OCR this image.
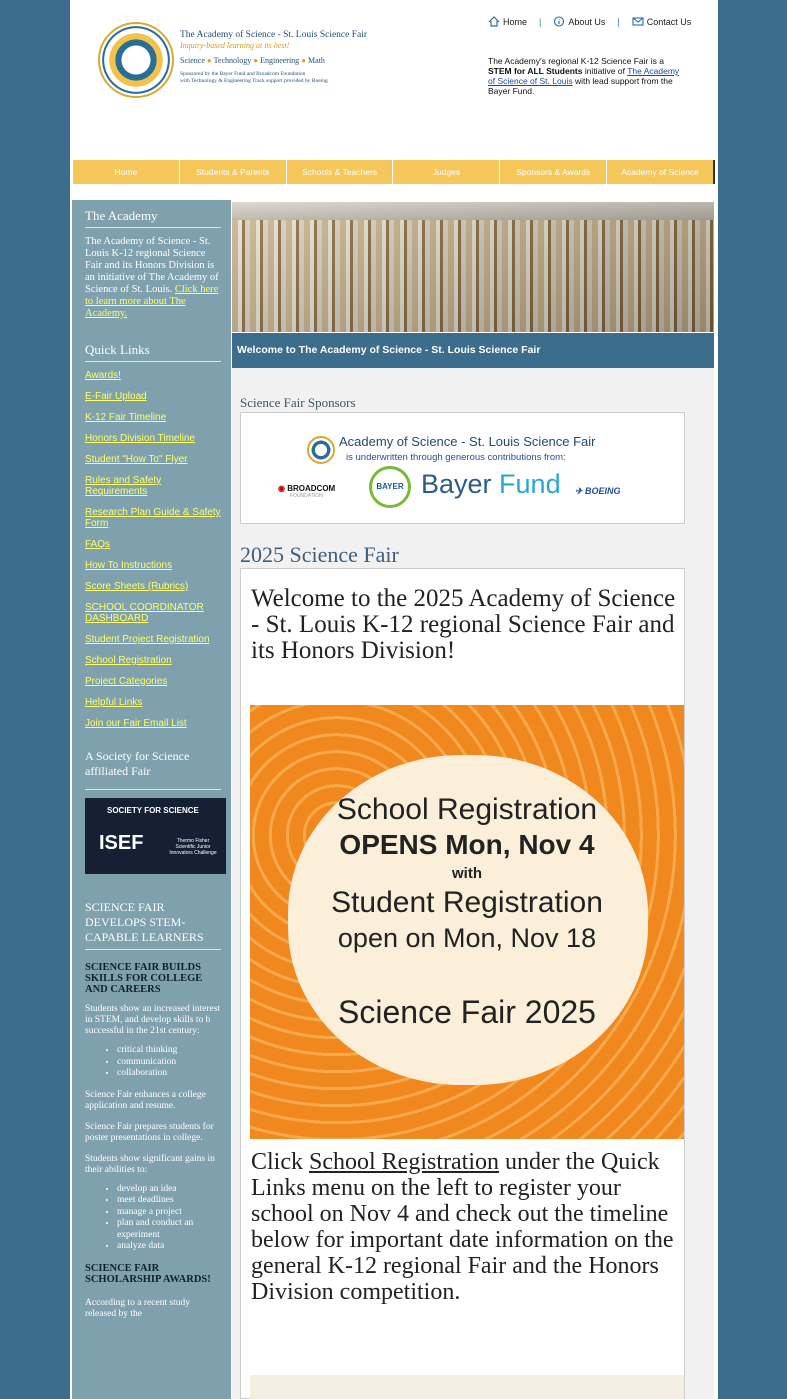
The Academy of Science - St. Louis Science Fair
Inquiry-based learning at its best!
Science ● Technology ● Engineering ● Math
Sponsored by the Bayer Fund and Broadcom Foundation
with Technology & Engineering Track support provided by Boeing
Home |	About Us |	Contact Us
The Academy's regional K-12 Science Fair is a STEM for ALL Students initiative of The Academy of Science of St. Louis with lead support from the Bayer Fund.
Home	Students & Parents	Schools & Teachers	Judges	Sponsors & Awards	Academy of Science
The Academy
The Academy of Science - St. Louis K-12 regional Science Fair and its Honors Division is an initiative of The Academy of Science of St. Louis. Click here to learn more about The Academy.
Quick Links
Awards!
E-Fair Upload
K-12 Fair Timeline
Honors Division Timeline
Student "How To" Flyer
Rules and Safety Requirements
Research Plan Guide & Safety Form
FAQs
How To Instructions
Score Sheets (Rubrics)
SCHOOL COORDINATOR DASHBOARD
Student Project Registration
School Registration
Project Categories
Helpful Links
Join our Fair Email List
A Society for Science affiliated Fair
SOCIETY FOR SCIENCE
ISEF	Thermo Fisher Scientific Junior Innovators Challenge
SCIENCE FAIR DEVELOPS STEM-CAPABLE LEARNERS
SCIENCE FAIR BUILDS SKILLS FOR COLLEGE AND CAREERS
Students show an increased interest in STEM, and develop skills to b successful in the 21st century:
• critical thinking
• communication
• collaboration
Science Fair enhances a college application and resume.
Science Fair prepares students for poster presentations in college.
Students show significant gains in their abilities to:
• develop an idea
• meet deadlines
• manage a project
• plan and conduct an experiment
• analyze data
SCIENCE FAIR SCHOLARSHIP AWARDS!
According to a recent study released by the
Welcome to The Academy of Science - St. Louis Science Fair
Science Fair Sponsors
Academy of Science - St. Louis Science Fair
is underwritten through generous contributions from:
◉ BROADCOM
FOUNDATION
BAYER Bayer Fund ✈ BOEING
2025 Science Fair
Welcome to the 2025 Academy of Science - St. Louis K-12 regional Science Fair and its Honors Division!
School Registration
OPENS Mon, Nov 4
with
Student Registration
open on Mon, Nov 18
Science Fair 2025
Click School Registration under the Quick Links menu on the left to register your school on Nov 4 and check out the timeline below for important date information on the general K-12 regional Fair and the Honors Division competition.
